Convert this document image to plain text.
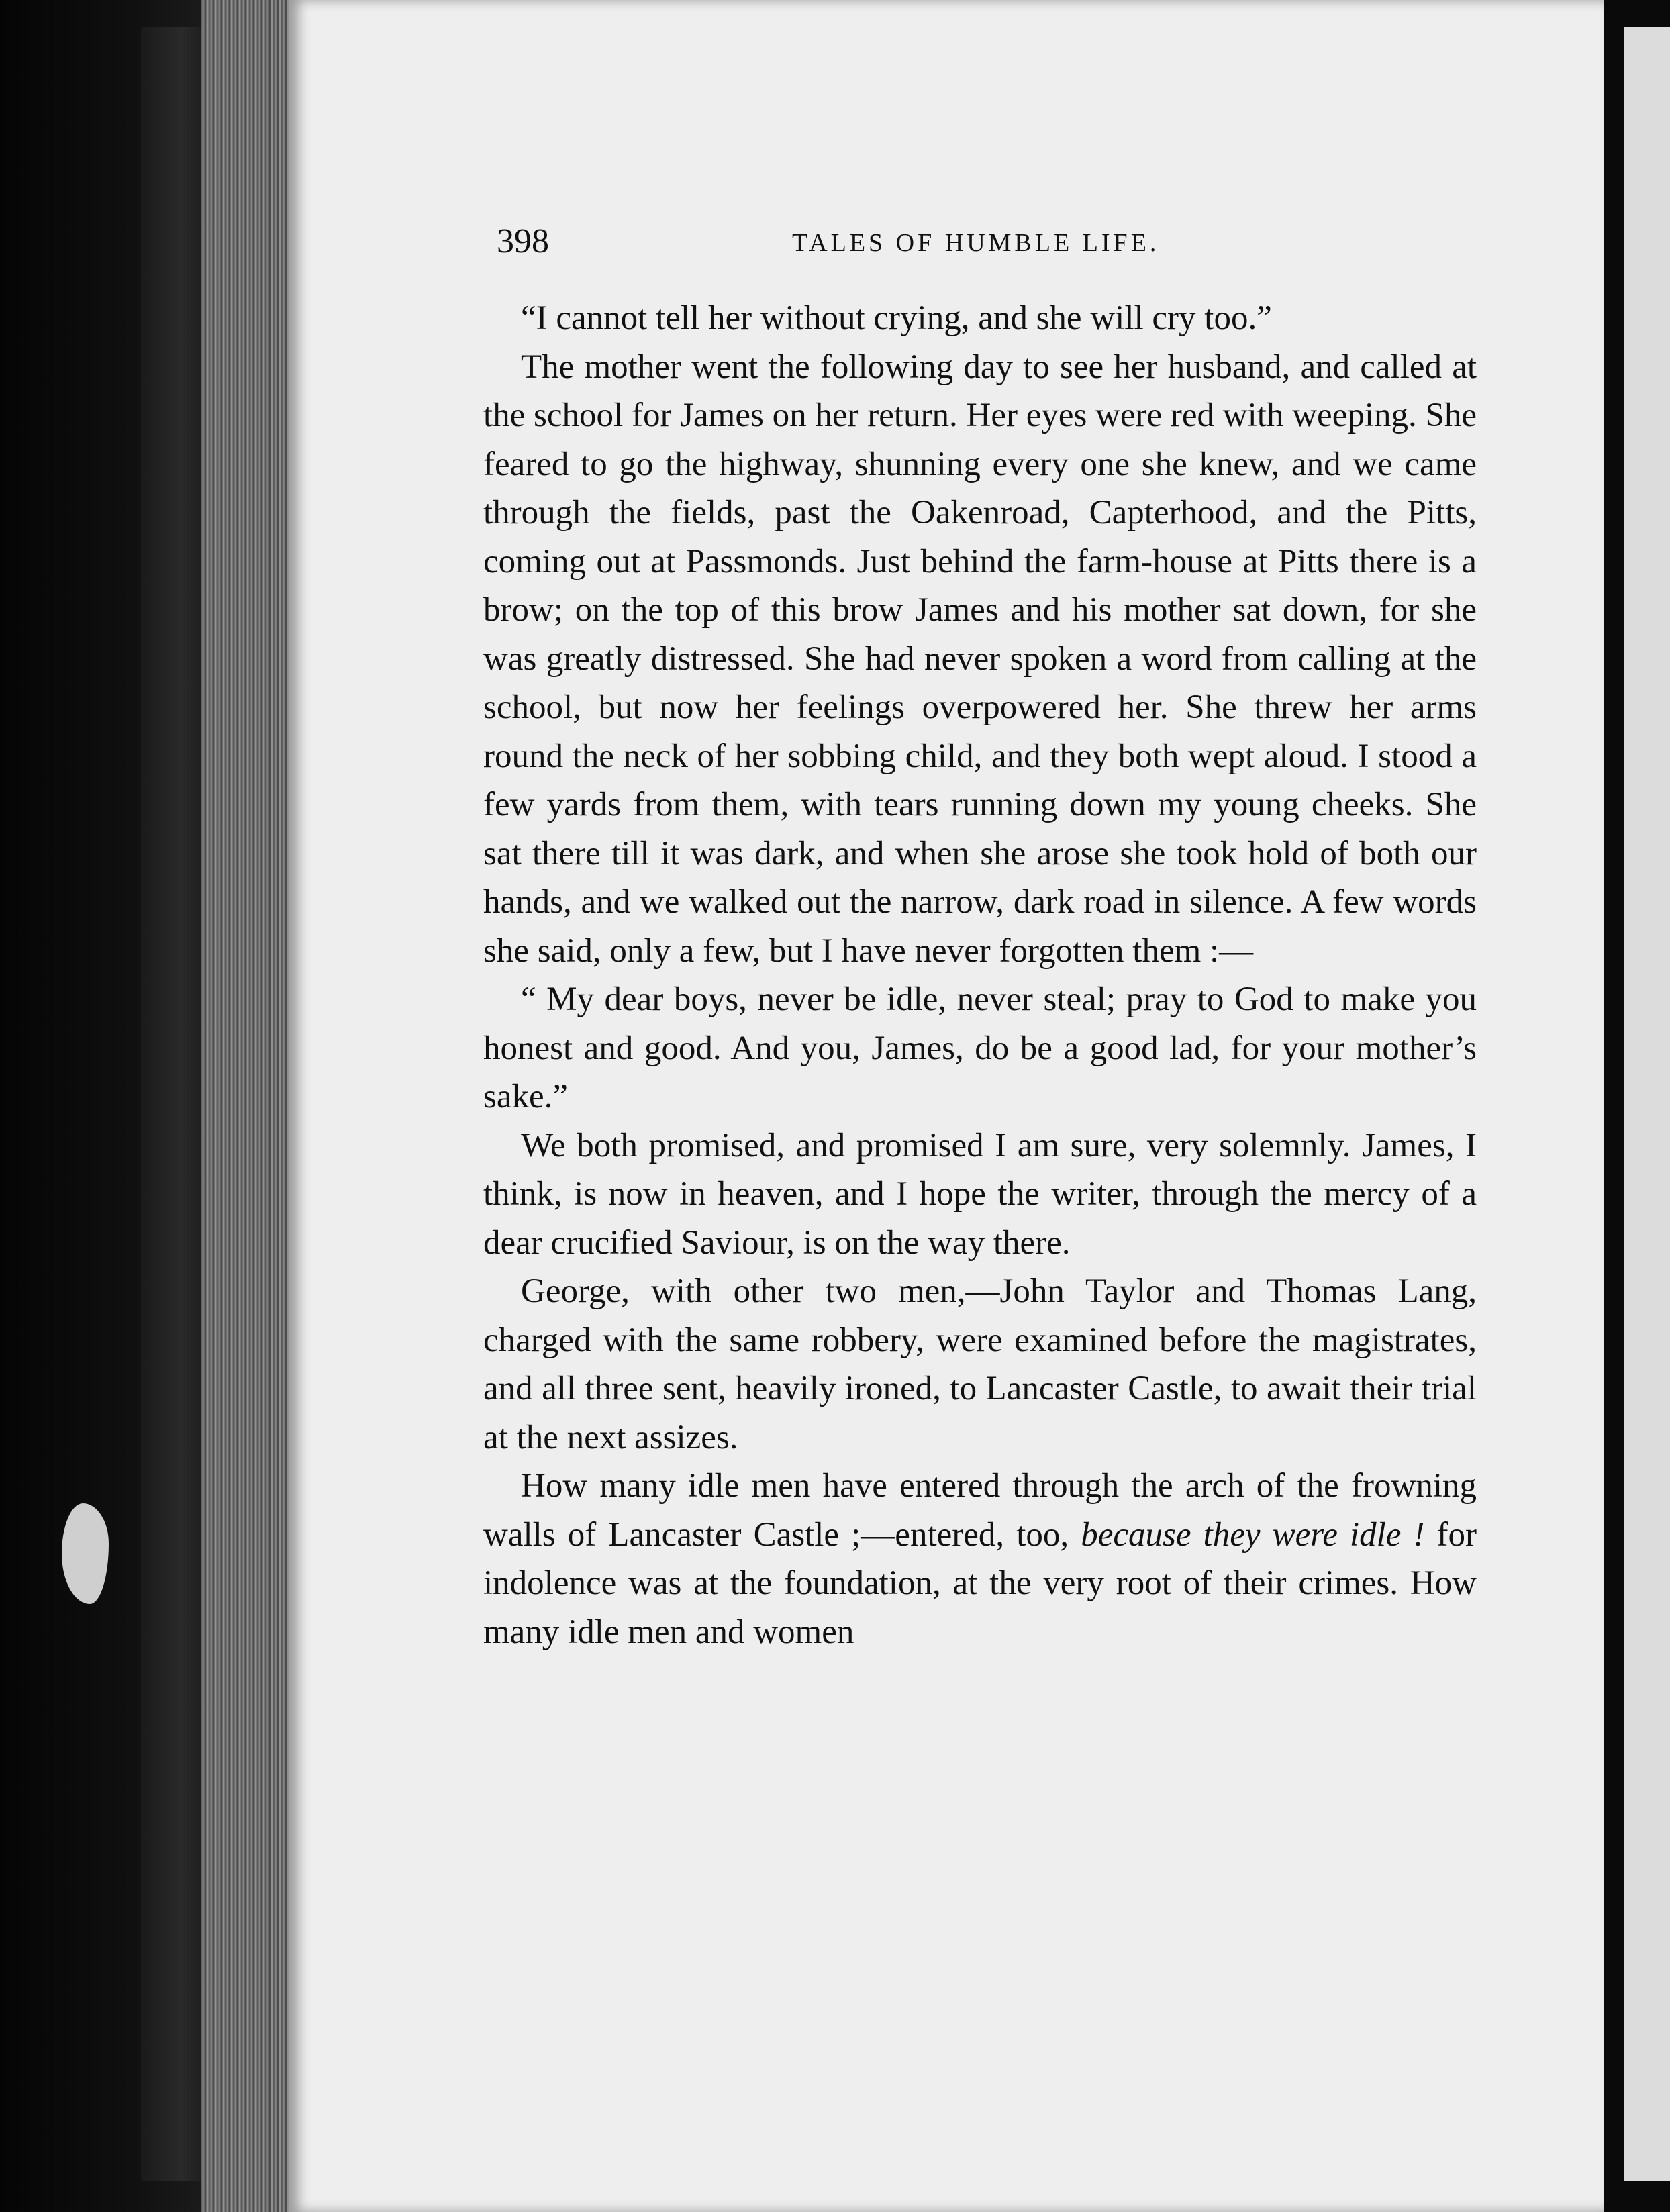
398	TALES OF HUMBLE LIFE.

“I cannot tell her without crying, and she will cry too.”

The mother went the following day to see her husband, and called at the school for James on her return. Her eyes were red with weeping. She feared to go the highway, shunning every one she knew, and we came through the fields, past the Oakenroad, Capterhood, and the Pitts, coming out at Passmonds. Just behind the farm-house at Pitts there is a brow; on the top of this brow James and his mother sat down, for she was greatly distressed. She had never spoken a word from calling at the school, but now her feelings overpowered her. She threw her arms round the neck of her sobbing child, and they both wept aloud. I stood a few yards from them, with tears running down my young cheeks. She sat there till it was dark, and when she arose she took hold of both our hands, and we walked out the narrow, dark road in silence. A few words she said, only a few, but I have never forgotten them :—

“ My dear boys, never be idle, never steal; pray to God to make you honest and good. And you, James, do be a good lad, for your mother’s sake.”

We both promised, and promised I am sure, very solemnly. James, I think, is now in heaven, and I hope the writer, through the mercy of a dear crucified Saviour, is on the way there.

George, with other two men,—John Taylor and Thomas Lang, charged with the same robbery, were examined before the magistrates, and all three sent, heavily ironed, to Lancaster Castle, to await their trial at the next assizes.

How many idle men have entered through the arch of the frowning walls of Lancaster Castle ;—entered, too, because they were idle ! for indolence was at the foundation, at the very root of their crimes. How many idle men and women
